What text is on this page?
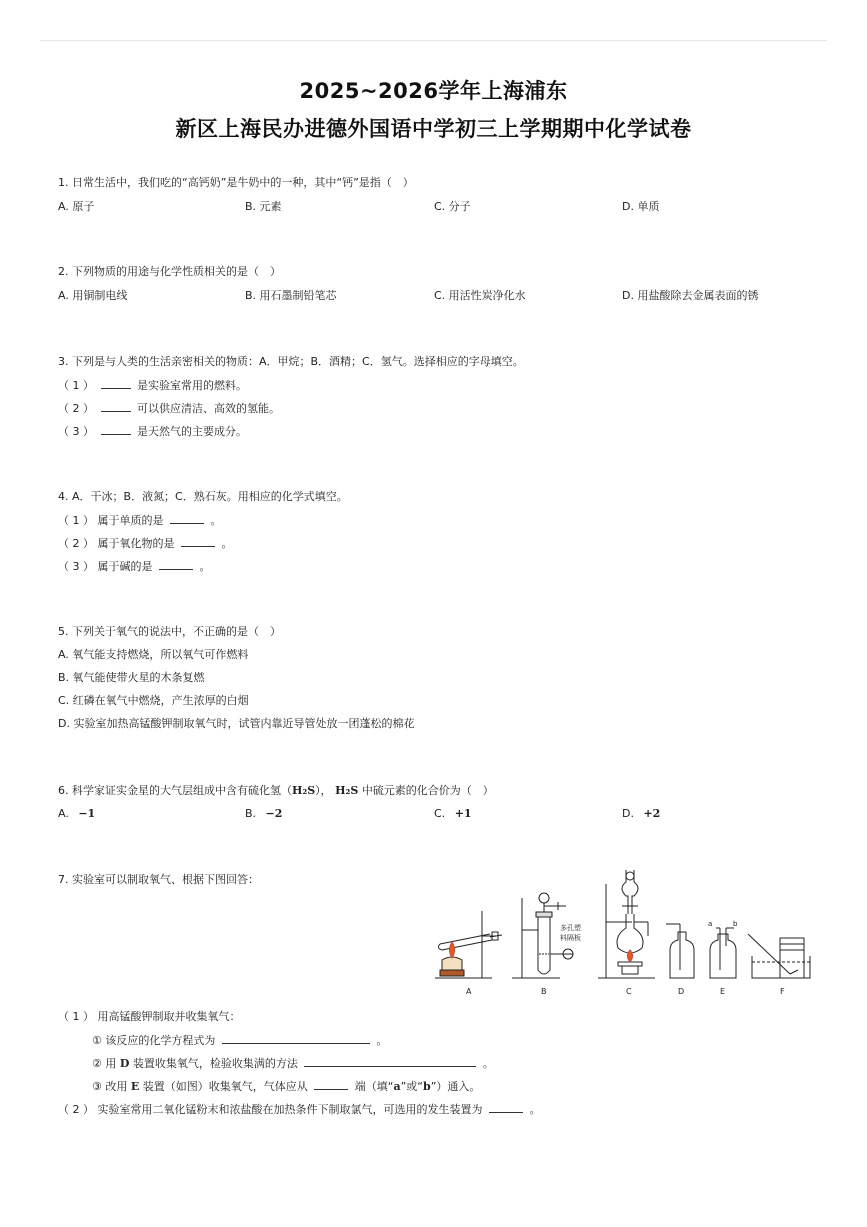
2025~2026学年上海浦东
新区上海民办进德外国语中学初三上学期期中化学试卷
1. 日常生活中，我们吃的“高钙奶”是牛奶中的一种，其中“钙”是指（　）
A. 原子	B. 元素	C. 分子	D. 单质
2. 下列物质的用途与化学性质相关的是（　）
A. 用铜制电线	B. 用石墨制铅笔芯	C. 用活性炭净化水	D. 用盐酸除去金属表面的锈
3. 下列是与人类的生活亲密相关的物质：A．甲烷；B．酒精；C．氢气。选择相应的字母填空。
（ 1 ）	是实验室常用的燃料。
（ 2 ）	可以供应清洁、高效的氢能。
（ 3 ）	是天然气的主要成分。
4. A．干冰；B．液氮；C．熟石灰。用相应的化学式填空。
（ 1 ） 属于单质的是	。
（ 2 ） 属于氧化物的是	。
（ 3 ） 属于碱的是	。
5. 下列关于氧气的说法中，不正确的是（　）
A. 氧气能支持燃烧，所以氧气可作燃料
B. 氧气能使带火星的木条复燃
C. 红磷在氧气中燃烧，产生浓厚的白烟
D. 实验室加热高锰酸钾制取氧气时，试管内靠近导管处放一团蓬松的棉花
6. 科学家证实金星的大气层组成中含有硫化氢（H₂S）， H₂S 中硫元素的化合价为（　）
A. −1	B. −2	C. +1	D. +2
7. 实验室可以制取氧气、根据下图回答：
a	b
A	B	C	D	E	F
多孔塑
料隔板
（ 1 ） 用高锰酸钾制取并收集氧气：
① 该反应的化学方程式为	。
② 用 D 装置收集氧气，检验收集满的方法	。
③ 改用 E 装置（如图）收集氧气，气体应从	端（填“a”或“b”）通入。
（ 2 ） 实验室常用二氧化锰粉末和浓盐酸在加热条件下制取氯气，可选用的发生装置为	。
